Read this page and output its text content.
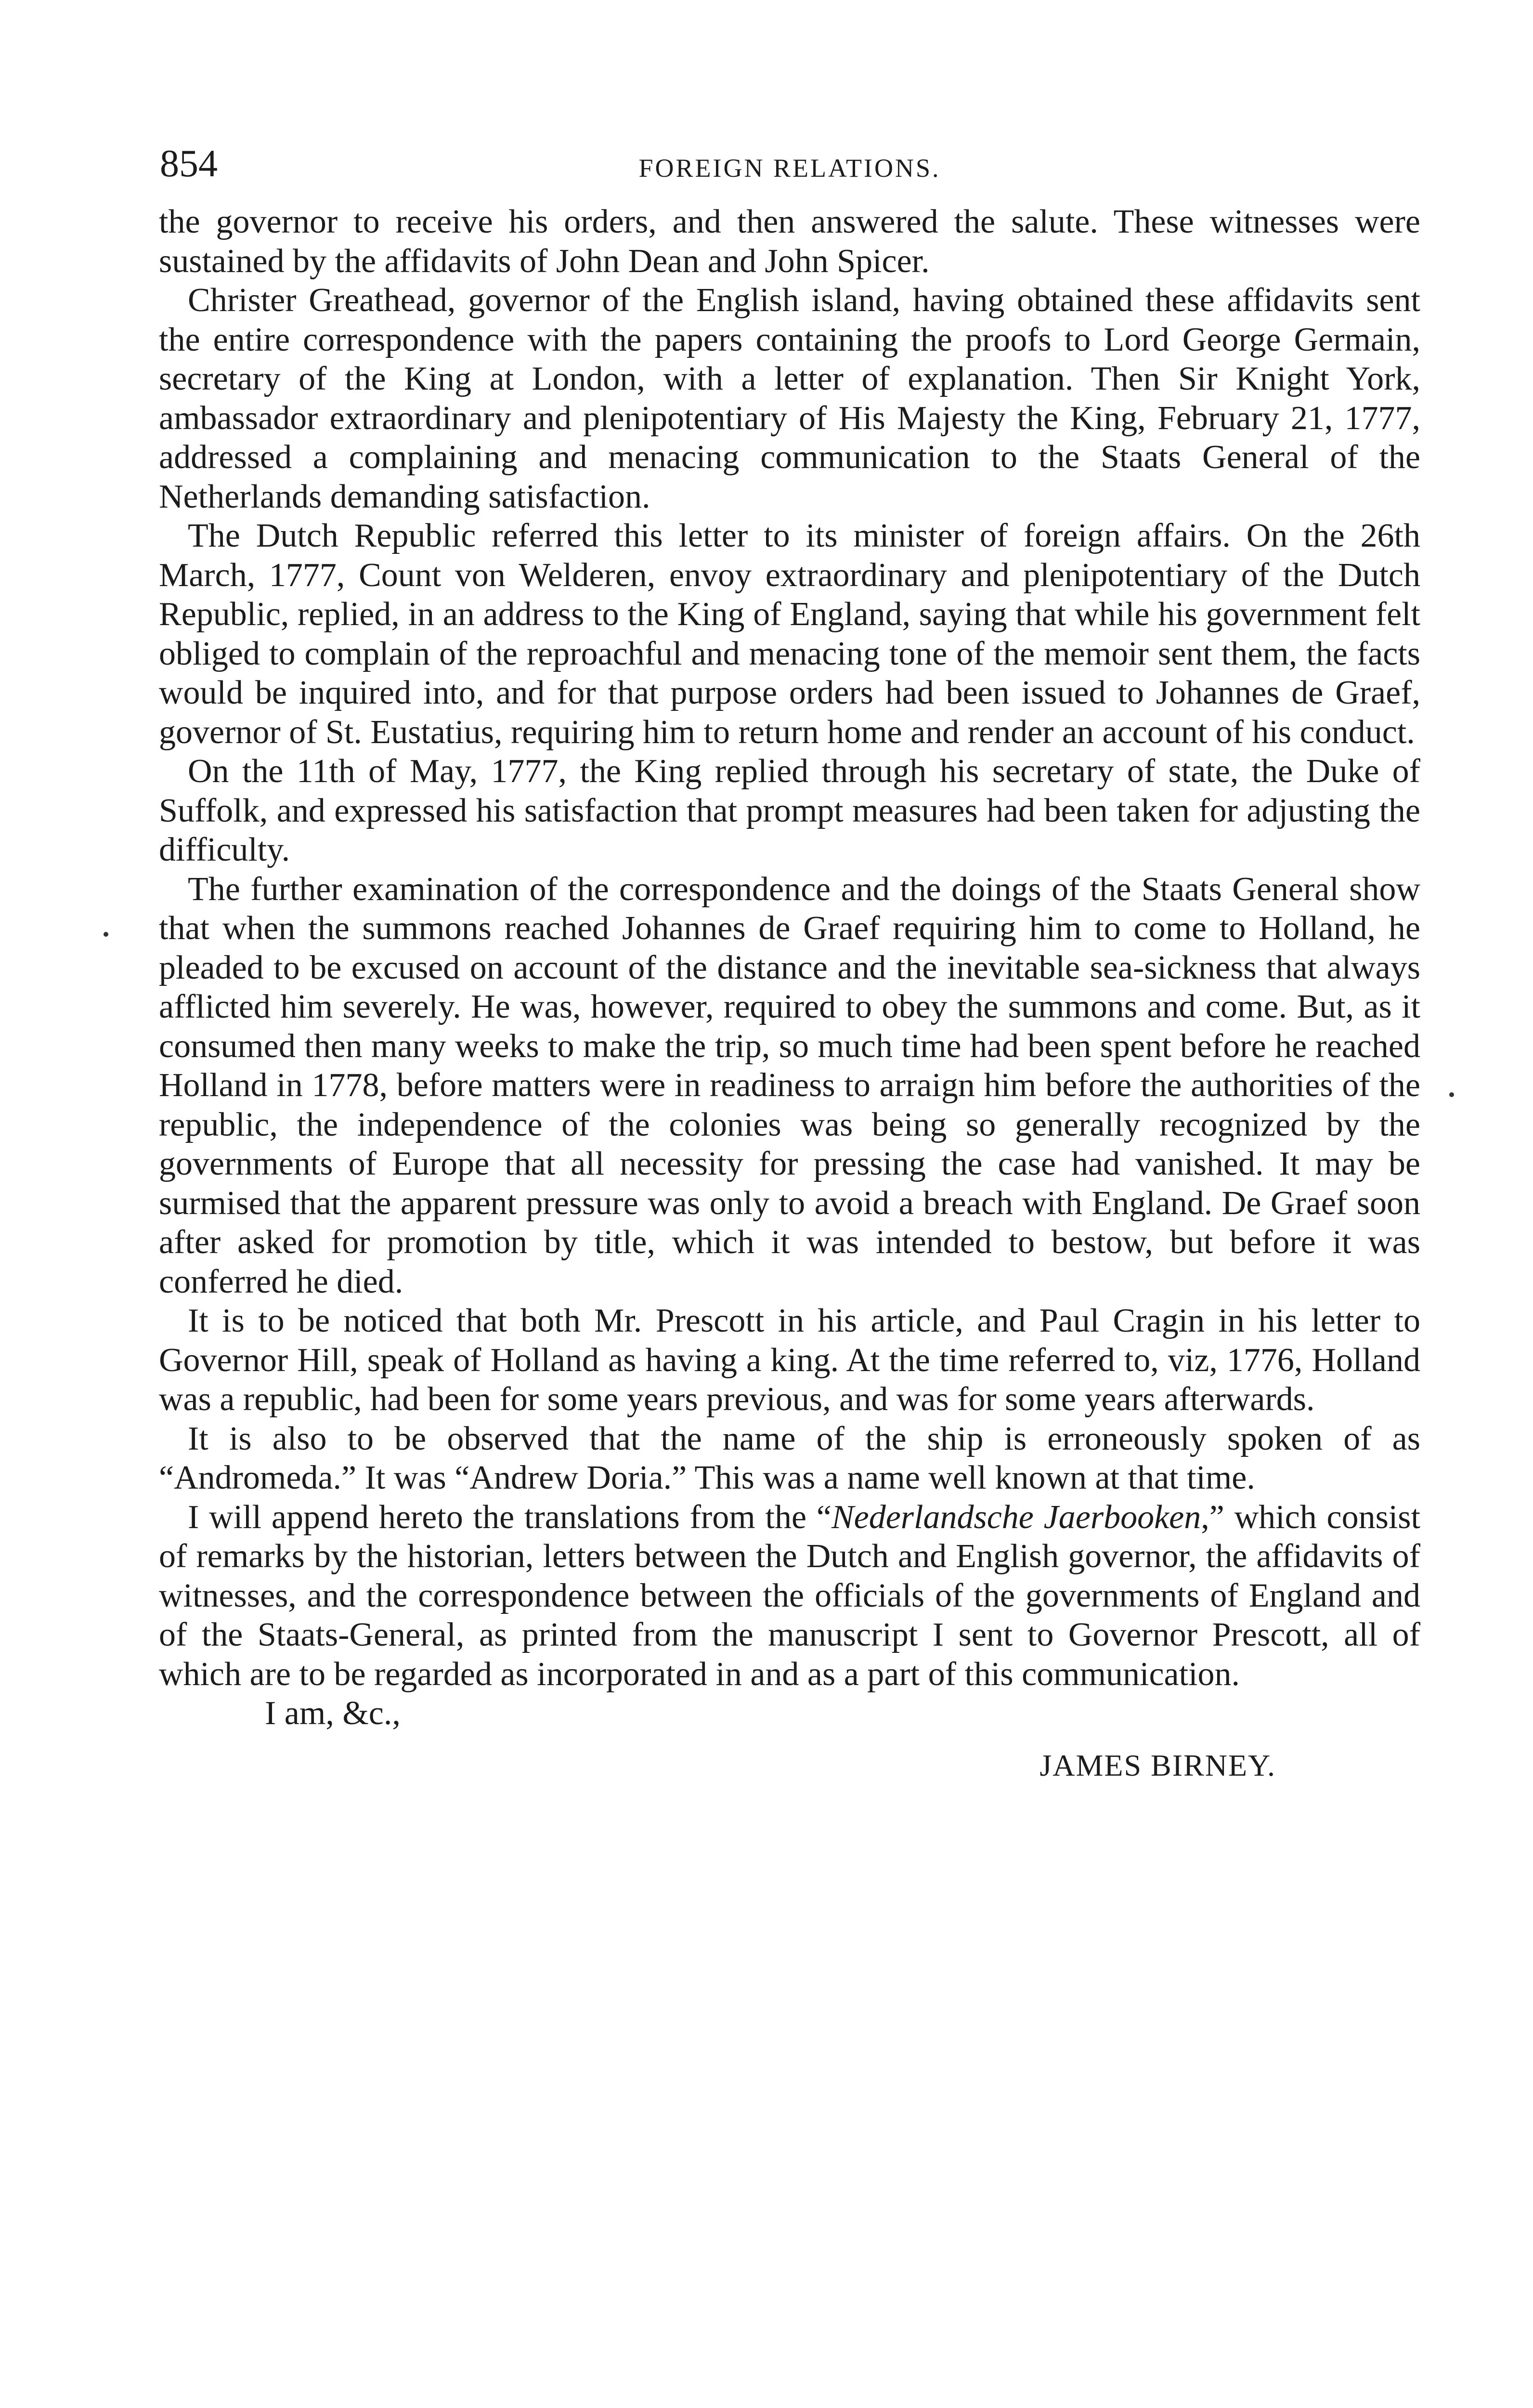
854	FOREIGN RELATIONS.

the governor to receive his orders, and then answered the salute. These witnesses were sustained by the affidavits of John Dean and John Spicer.

Christer Greathead, governor of the English island, having obtained these affidavits sent the entire correspondence with the papers containing the proofs to Lord George Germain, secretary of the King at London, with a letter of explanation. Then Sir Knight York, ambassador extraordinary and plenipotentiary of His Majesty the King, February 21, 1777, addressed a complaining and menacing communication to the Staats General of the Netherlands demanding satisfaction.

The Dutch Republic referred this letter to its minister of foreign affairs. On the 26th March, 1777, Count von Welderen, envoy extraordinary and plenipotentiary of the Dutch Republic, replied, in an address to the King of England, saying that while his government felt obliged to complain of the reproachful and menacing tone of the memoir sent them, the facts would be inquired into, and for that purpose orders had been issued to Johannes de Graef, governor of St. Eustatius, requiring him to return home and render an account of his conduct.

On the 11th of May, 1777, the King replied through his secretary of state, the Duke of Suffolk, and expressed his satisfaction that prompt measures had been taken for adjusting the difficulty.

The further examination of the correspondence and the doings of the Staats General show that when the summons reached Johannes de Graef requiring him to come to Holland, he pleaded to be excused on account of the distance and the inevitable sea-sickness that always afflicted him severely. He was, however, required to obey the summons and come. But, as it consumed then many weeks to make the trip, so much time had been spent before he reached Holland in 1778, before matters were in readiness to arraign him before the authorities of the republic, the independence of the colonies was being so generally recognized by the governments of Europe that all necessity for pressing the case had vanished. It may be surmised that the apparent pressure was only to avoid a breach with England. De Graef soon after asked for promotion by title, which it was intended to bestow, but before it was conferred he died.

It is to be noticed that both Mr. Prescott in his article, and Paul Cragin in his letter to Governor Hill, speak of Holland as having a king. At the time referred to, viz, 1776, Holland was a republic, had been for some years previous, and was for some years afterwards.

It is also to be observed that the name of the ship is erroneously spoken of as “Andromeda.” It was “Andrew Doria.” This was a name well known at that time.

I will append hereto the translations from the “Nederlandsche Jaerbooken,” which consist of remarks by the historian, letters between the Dutch and English governor, the affidavits of witnesses, and the correspondence between the officials of the governments of England and of the Staats-General, as printed from the manuscript I sent to Governor Prescott, all of which are to be regarded as incorporated in and as a part of this communication.

I am, &c.,

JAMES BIRNEY.
